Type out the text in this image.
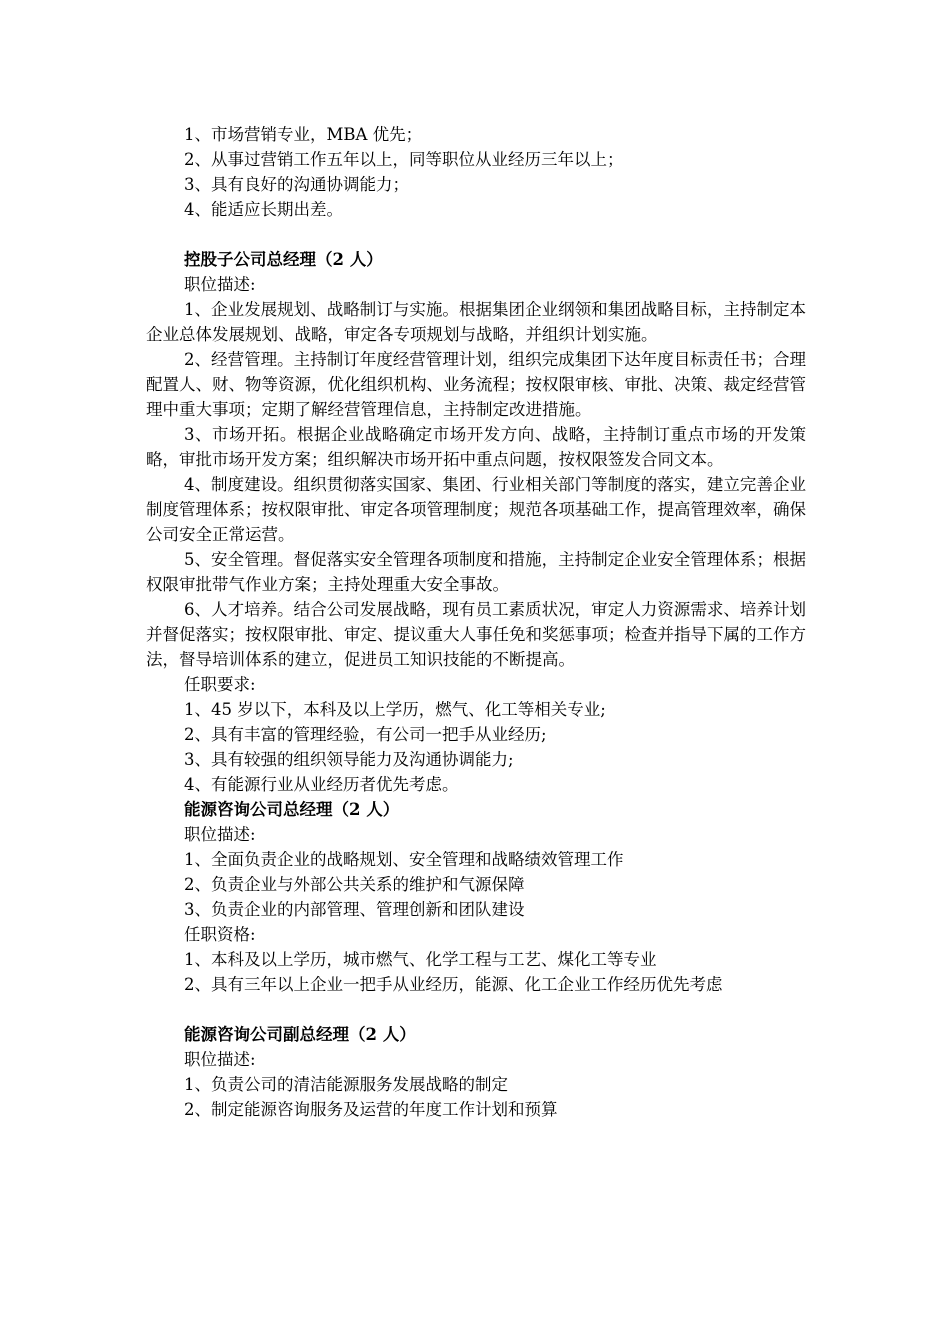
1、市场营销专业，MBA 优先；

2、从事过营销工作五年以上，同等职位从业经历三年以上；

3、具有良好的沟通协调能力；

4、能适应长期出差。

控股子公司总经理（2 人）

职位描述:

1、企业发展规划、战略制订与实施。根据集团企业纲领和集团战略目标，主持制定本企业总体发展规划、战略，审定各专项规划与战略，并组织计划实施。

2、经营管理。主持制订年度经营管理计划，组织完成集团下达年度目标责任书；合理配置人、财、物等资源，优化组织机构、业务流程；按权限审核、审批、决策、裁定经营管理中重大事项；定期了解经营管理信息，主持制定改进措施。

3、市场开拓。根据企业战略确定市场开发方向、战略，主持制订重点市场的开发策略，审批市场开发方案；组织解决市场开拓中重点问题，按权限签发合同文本。

4、制度建设。组织贯彻落实国家、集团、行业相关部门等制度的落实，建立完善企业制度管理体系；按权限审批、审定各项管理制度；规范各项基础工作，提高管理效率，确保公司安全正常运营。

5、安全管理。督促落实安全管理各项制度和措施，主持制定企业安全管理体系；根据权限审批带气作业方案；主持处理重大安全事故。

6、人才培养。结合公司发展战略，现有员工素质状况，审定人力资源需求、培养计划并督促落实；按权限审批、审定、提议重大人事任免和奖惩事项；检查并指导下属的工作方法，督导培训体系的建立，促进员工知识技能的不断提高。

任职要求:

1、45 岁以下，本科及以上学历，燃气、化工等相关专业;

2、具有丰富的管理经验，有公司一把手从业经历;

3、具有较强的组织领导能力及沟通协调能力;

4、有能源行业从业经历者优先考虑。

能源咨询公司总经理（2 人）

职位描述:

1、全面负责企业的战略规划、安全管理和战略绩效管理工作

2、负责企业与外部公共关系的维护和气源保障

3、负责企业的内部管理、管理创新和团队建设

任职资格:

1、本科及以上学历，城市燃气、化学工程与工艺、煤化工等专业

2、具有三年以上企业一把手从业经历，能源、化工企业工作经历优先考虑

能源咨询公司副总经理（2 人）

职位描述:

1、负责公司的清洁能源服务发展战略的制定

2、制定能源咨询服务及运营的年度工作计划和预算
